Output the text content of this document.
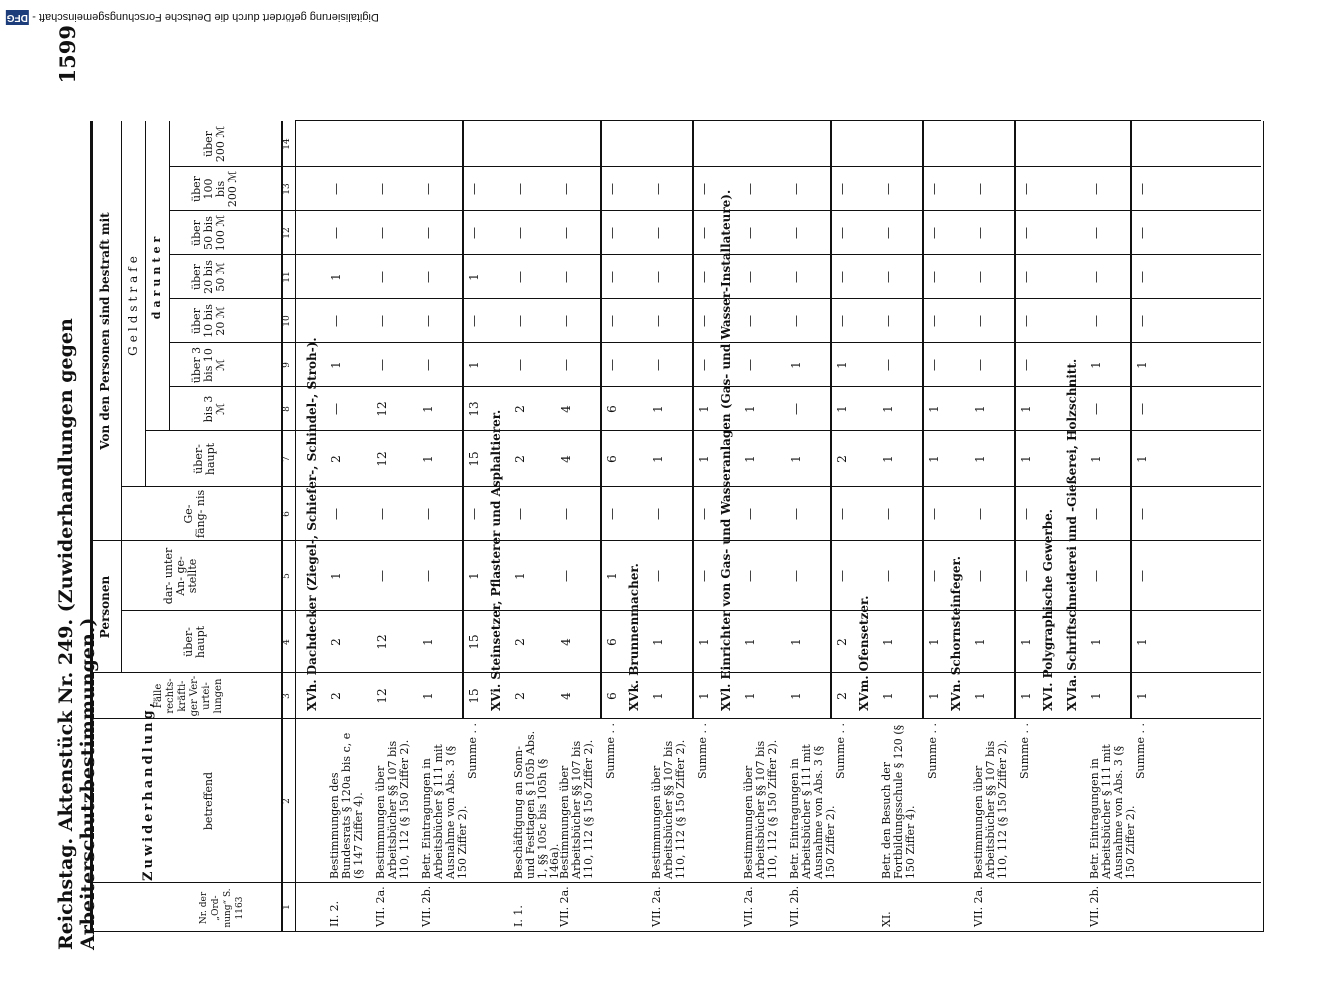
Reichstag. Aktenstück Nr. 249. (Zuwiderhandlungen gegen Arbeiterschutzbestimmungen.)
1599
Nr. der „Ord- nung“ S. 1163
Zuwiderhandlung,	betreffend
Fälle rechts- kräfti- ger Ver- urtei- lungen
Personen
über- haupt
dar- unter An- ge- stellte
Von den Personen sind bestraft mit
Ge- fäng- nis
Geldstrafe
über- haupt
darunter
bis 3 ℳ
über 3 bis 10 ℳ
über 10 bis 20 ℳ
über 20 bis 50 ℳ
über 50 bis 100 ℳ
über 100 bis 200 ℳ
über 200 ℳ
1
2
3
4
5
6
7
8
9
10
11
12
13
14
XVh. Dachdecker (Ziegel-, Schiefer-, Schindel-, Stroh-).
II. 2.
Bestimmungen des Bundesrats § 120a bis c, e (§ 147 Ziffer 4).
2
2
1
—
2
—
1
—
1
—
—
VII. 2a.
Bestimmungen über Arbeitsbücher §§ 107 bis 110, 112 (§ 150 Ziffer 2).
12
12
—
—
12
12
—
—
—
—
—
VII. 2b.
Betr. Eintragungen in Arbeitsbücher § 111 mit Ausnahme von Abs. 3 (§ 150 Ziffer 2).
1
1
—
—
1
1
—
—
—
—
—
Summe . .
15
15
1
—
15
13
1
—
1
—
—
XVi. Steinsetzer, Pflasterer und Asphaltierer.
I. 1.
Beschäftigung an Sonn- und Festtagen § 105b Abs. 1, §§ 105c bis 105h (§ 146a).
2
2
1
—
2
2
—
—
—
—
—
VII. 2a.
Bestimmungen über Arbeitsbücher §§ 107 bis 110, 112 (§ 150 Ziffer 2).
4
4
—
—
4
4
—
—
—
—
—
Summe . .
6
6
1
—
6
6
—
—
—
—
—
XVk. Brunnenmacher.
VII. 2a.
Bestimmungen über Arbeitsbücher §§ 107 bis 110, 112 (§ 150 Ziffer 2).
1
1
—
—
1
1
—
—
—
—
—
Summe . .
1
1
—
—
1
1
—
—
—
—
—
XVl. Einrichter von Gas- und Wasseranlagen (Gas- und Wasser-Installateure).
VII. 2a.
Bestimmungen über Arbeitsbücher §§ 107 bis 110, 112 (§ 150 Ziffer 2).
1
1
—
—
1
1
—
—
—
—
—
VII. 2b.
Betr. Eintragungen in Arbeitsbücher § 111 mit Ausnahme von Abs. 3 (§ 150 Ziffer 2).
1
1
—
—
1
—
1
—
—
—
—
Summe . .
2
2
—
—
2
1
1
—
—
—
—
XVm. Ofensetzer.
XI.
Betr. den Besuch der Fortbildungsschule § 120 (§ 150 Ziffer 4).
1
1
—
—
1
1
—
—
—
—
—
Summe . .
1
1
—
—
1
1
—
—
—
—
—
XVn. Schornsteinfeger.
VII. 2a.
Bestimmungen über Arbeitsbücher §§ 107 bis 110, 112 (§ 150 Ziffer 2).
1
1
—
—
1
1
—
—
—
—
—
Summe . .
1
1
—
—
1
1
—
—
—
—
—
XVI. Polygraphische Gewerbe. XVIa. Schriftschneiderei und -Gießerei, Holzschnitt.
VII. 2b.
Betr. Eintragungen in Arbeitsbücher § 111 mit Ausnahme von Abs. 3 (§ 150 Ziffer 2).
1
1
—
—
1
—
1
—
—
—
—
Summe . .
1
1
—
—
1
—
1
—
—
—
—
Digitalisierung gefördert durch die Deutsche Forschungsgemeinschaft - DFG
